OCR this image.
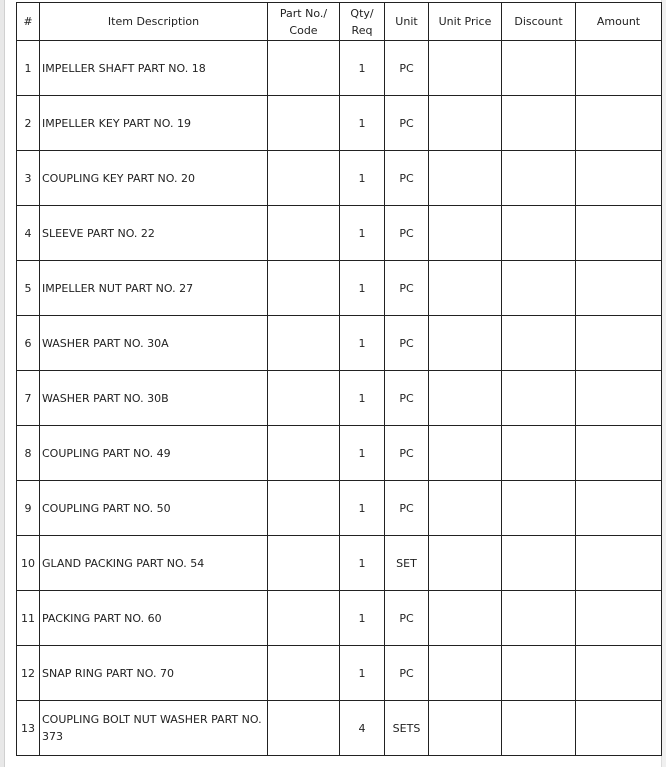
#	Item Description	Part No./ Code	Qty/ Req	Unit	Unit Price	Discount	Amount

1	IMPELLER SHAFT PART NO. 18		1	PC			
2	IMPELLER KEY PART NO. 19		1	PC			
3	COUPLING KEY PART NO. 20		1	PC			
4	SLEEVE PART NO. 22		1	PC			
5	IMPELLER NUT PART NO. 27		1	PC			
6	WASHER PART NO. 30A		1	PC			
7	WASHER PART NO. 30B		1	PC			
8	COUPLING PART NO. 49		1	PC			
9	COUPLING PART NO. 50		1	PC			
10	GLAND PACKING PART NO. 54		1	SET			
11	PACKING PART NO. 60		1	PC			
12	SNAP RING PART NO. 70		1	PC			
13	COUPLING BOLT NUT WASHER PART NO. 373		4	SETS			
